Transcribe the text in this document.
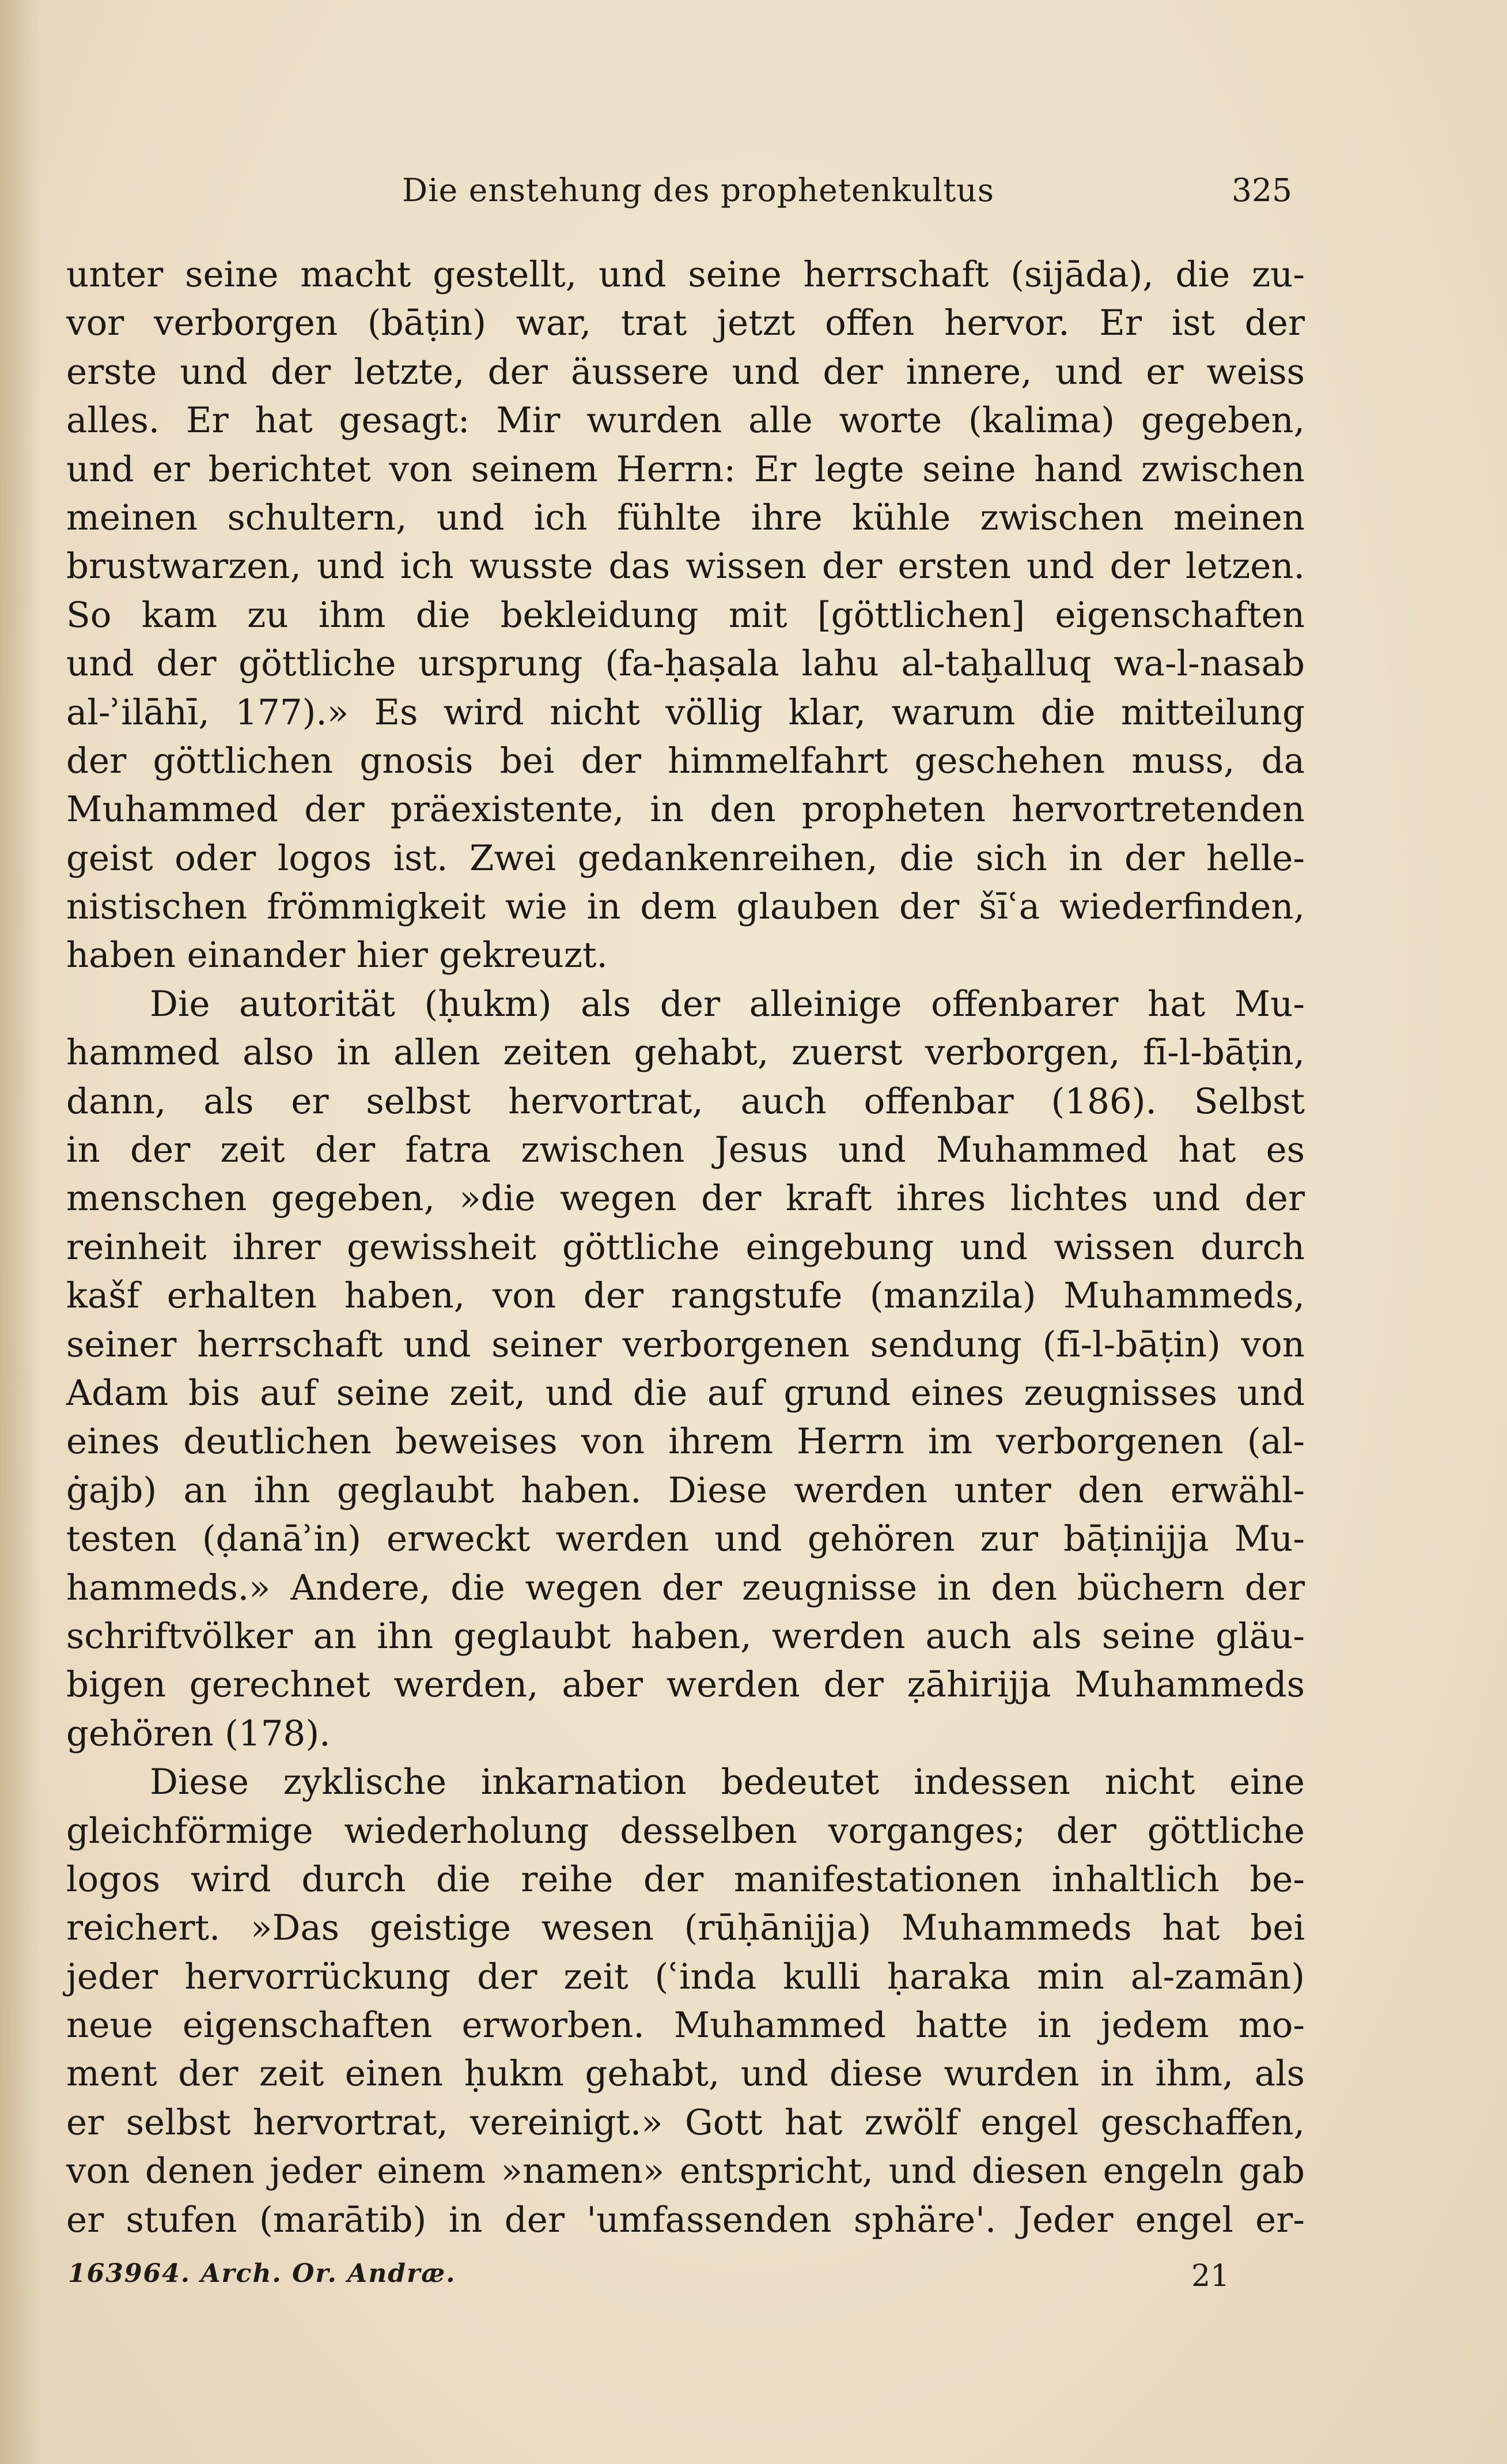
Die enstehung des prophetenkultus	325
unter seine macht gestellt, und seine herrschaft (sijāda), die zu-
vor verborgen (bāṭin) war, trat jetzt offen hervor. Er ist der
erste und der letzte, der äussere und der innere, und er weiss
alles. Er hat gesagt: Mir wurden alle worte (kalima) gegeben,
und er berichtet von seinem Herrn: Er legte seine hand zwischen
meinen schultern, und ich fühlte ihre kühle zwischen meinen
brustwarzen, und ich wusste das wissen der ersten und der letzen.
So kam zu ihm die bekleidung mit [göttlichen] eigenschaften
und der göttliche ursprung (fa-ḥaṣala lahu al-taḫalluq wa-l-nasab
al-ʾilāhī, 177).» Es wird nicht völlig klar, warum die mitteilung
der göttlichen gnosis bei der himmelfahrt geschehen muss, da
Muhammed der präexistente, in den propheten hervortretenden
geist oder logos ist. Zwei gedankenreihen, die sich in der helle-
nistischen frömmigkeit wie in dem glauben der šīʿa wiederfinden,
haben einander hier gekreuzt.
Die autorität (ḥukm) als der alleinige offenbarer hat Mu-
hammed also in allen zeiten gehabt, zuerst verborgen, fī-l-bāṭin,
dann, als er selbst hervortrat, auch offenbar (186). Selbst
in der zeit der fatra zwischen Jesus und Muhammed hat es
menschen gegeben, »die wegen der kraft ihres lichtes und der
reinheit ihrer gewissheit göttliche eingebung und wissen durch
kašf erhalten haben, von der rangstufe (manzila) Muhammeds,
seiner herrschaft und seiner verborgenen sendung (fī-l-bāṭin) von
Adam bis auf seine zeit, und die auf grund eines zeugnisses und
eines deutlichen beweises von ihrem Herrn im verborgenen (al-
ġajb) an ihn geglaubt haben. Diese werden unter den erwähl-
testen (ḍanāʾin) erweckt werden und gehören zur bāṭinijja Mu-
hammeds.» Andere, die wegen der zeugnisse in den büchern der
schriftvölker an ihn geglaubt haben, werden auch als seine gläu-
bigen gerechnet werden, aber werden der ẓāhirijja Muhammeds
gehören (178).
Diese zyklische inkarnation bedeutet indessen nicht eine
gleichförmige wiederholung desselben vorganges; der göttliche
logos wird durch die reihe der manifestationen inhaltlich be-
reichert. »Das geistige wesen (rūḥānijja) Muhammeds hat bei
jeder hervorrückung der zeit (ʿinda kulli ḥaraka min al-zamān)
neue eigenschaften erworben. Muhammed hatte in jedem mo-
ment der zeit einen ḥukm gehabt, und diese wurden in ihm, als
er selbst hervortrat, vereinigt.» Gott hat zwölf engel geschaffen,
von denen jeder einem »namen» entspricht, und diesen engeln gab
er stufen (marātib) in der 'umfassenden sphäre'. Jeder engel er-
163964. Arch. Or. Andræ.	21
